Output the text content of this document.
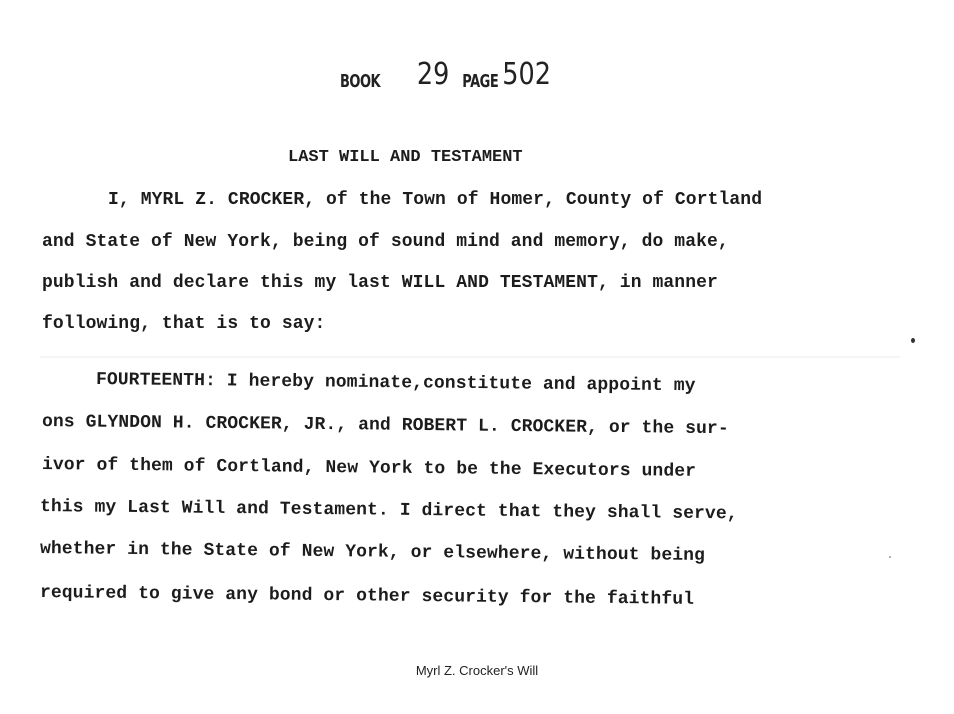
BOOK 29 PAGE 502
LAST WILL AND TESTAMENT
I, MYRL Z. CROCKER, of the Town of Homer, County of Cortland
and State of New York, being of sound mind and memory, do make,
publish and declare this my last WILL AND TESTAMENT, in manner
following, that is to say:
FOURTEENTH: I hereby nominate,constitute and appoint my
ons GLYNDON H. CROCKER, JR., and ROBERT L. CROCKER, or the sur-
ivor of them of Cortland, New York to be the Executors under
this my Last Will and Testament. I direct that they shall serve,
whether in the State of New York, or elsewhere, without being
required to give any bond or other security for the faithful
Myrl Z. Crocker's Will
